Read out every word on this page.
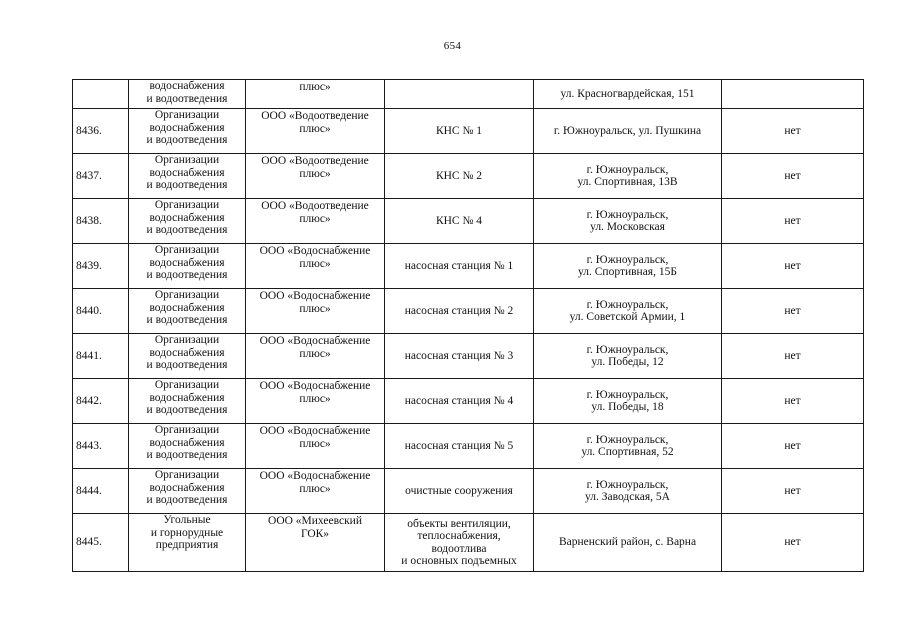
654

	водоснабжения
и водоотведения	плюс»		ул. Красногвардейская, 151	

8436.	Организации
водоснабжения
и водоотведения	ООО «Водоотведение
плюс»	КНС № 1	г. Южноуральск, ул. Пушкина	нет
8437.	Организации
водоснабжения
и водоотведения	ООО «Водоотведение
плюс»	КНС № 2	г. Южноуральск,
ул. Спортивная, 13В	нет
8438.	Организации
водоснабжения
и водоотведения	ООО «Водоотведение
плюс»	КНС № 4	г. Южноуральск,
ул. Московская	нет
8439.	Организации
водоснабжения
и водоотведения	ООО «Водоснабжение
плюс»	насосная станция № 1	г. Южноуральск,
ул. Спортивная, 15Б	нет
8440.	Организации
водоснабжения
и водоотведения	ООО «Водоснабжение
плюс»	насосная станция № 2	г. Южноуральск,
ул. Советской Армии, 1	нет
8441.	Организации
водоснабжения
и водоотведения	ООО «Водоснабжение
плюс»	насосная станция № 3	г. Южноуральск,
ул. Победы, 12	нет
8442.	Организации
водоснабжения
и водоотведения	ООО «Водоснабжение
плюс»	насосная станция № 4	г. Южноуральск,
ул. Победы, 18	нет
8443.	Организации
водоснабжения
и водоотведения	ООО «Водоснабжение
плюс»	насосная станция № 5	г. Южноуральск,
ул. Спортивная, 52	нет
8444.	Организации
водоснабжения
и водоотведения	ООО «Водоснабжение
плюс»	очистные сооружения	г. Южноуральск,
ул. Заводская, 5А	нет
8445.	Угольные
и горнорудные
предприятия	ООО «Михеевский
ГОК»	объекты вентиляции,
теплоснабжения,
водоотлива
и основных подъемных	Варненский район, с. Варна	нет
